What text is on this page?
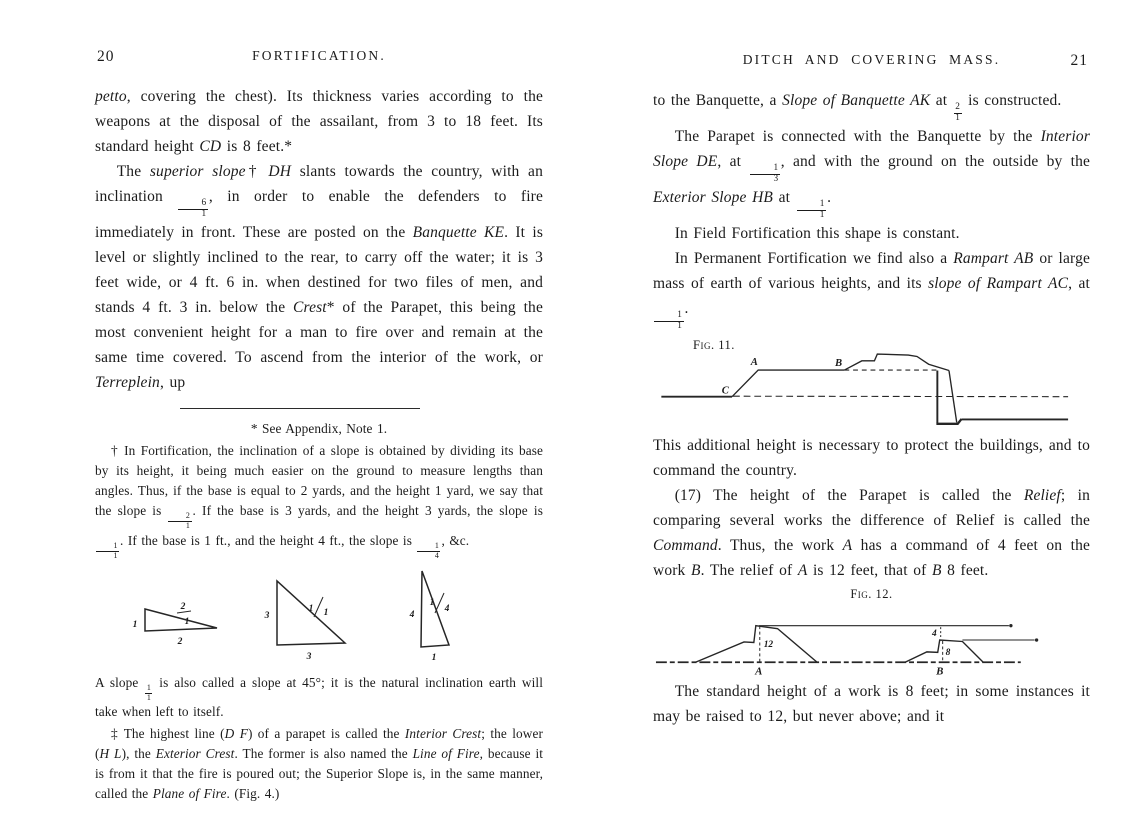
20	FORTIFICATION.

petto, covering the chest). Its thickness varies according to the weapons at the disposal of the assailant, from 3 to 18 feet. Its standard height CD is 8 feet.*

The superior slope† DH slants towards the country, with an inclination
$\frac{6}{1}$
, in order to enable the defenders to fire immediately in front. These are posted on the Banquette KE. It is level or slightly inclined to the rear, to carry off the water; it is 3 feet wide, or 4 ft. 6 in. when destined for two files of men, and stands 4 ft. 3 in. below the Crest* of the Parapet, this being the most convenient height for a man to fire over and remain at the same time covered. To ascend from the interior of the work, or Terreplein, up

* See Appendix, Note 1.

† In Fortification, the inclination of a slope is obtained by dividing its base by its height, it being much easier on the ground to measure lengths than angles. Thus, if the base is equal to 2 yards, and the height 1 yard, we say that the slope is
$\frac{2}{1}$
. If the base is 3 yards, and the height 3 yards, the slope is
$\frac{1}{1}$
. If the base is 1 ft., and the height 4 ft., the slope is
$\frac{1}{4}$
, &c.

1
2
2
1
3
3
1 1	4
1
1
4

A slope
$\frac{1}{1}$
is also called a slope at 45°; it is the natural inclination earth will take when left to itself.

‡ The highest line (D F) of a parapet is called the Interior Crest; the lower (H L), the Exterior Crest. The former is also named the Line of Fire, because it is from it that the fire is poured out; the Superior Slope is, in the same manner, called the Plane of Fire. (Fig. 4.)

21
DITCH AND COVERING MASS.

to the Banquette, a Slope of Banquette AK at
$\frac{2}{1}$
is constructed.

The Parapet is connected with the Banquette by the Interior Slope DE, at
$\frac{1}{3}$
, and with the ground on the outside by the Exterior Slope HB at
$\frac{1}{1}$
.

In Field Fortification this shape is constant.

In Permanent Fortification we find also a Rampart AB or large mass of earth of various heights, and its slope of Rampart AC, at
$\frac{1}{1}$
.

Fig. 11.
C
A	B

This additional height is necessary to protect the buildings, and to command the country.

(17) The height of the Parapet is called the Relief; in comparing several works the difference of Relief is called the Command. Thus, the work A has a command of 4 feet on the work B. The relief of A is 12 feet, that of B 8 feet.

Fig. 12.
12
A
4
8
B

The standard height of a work is 8 feet; in some instances it may be raised to 12, but never above; and it
